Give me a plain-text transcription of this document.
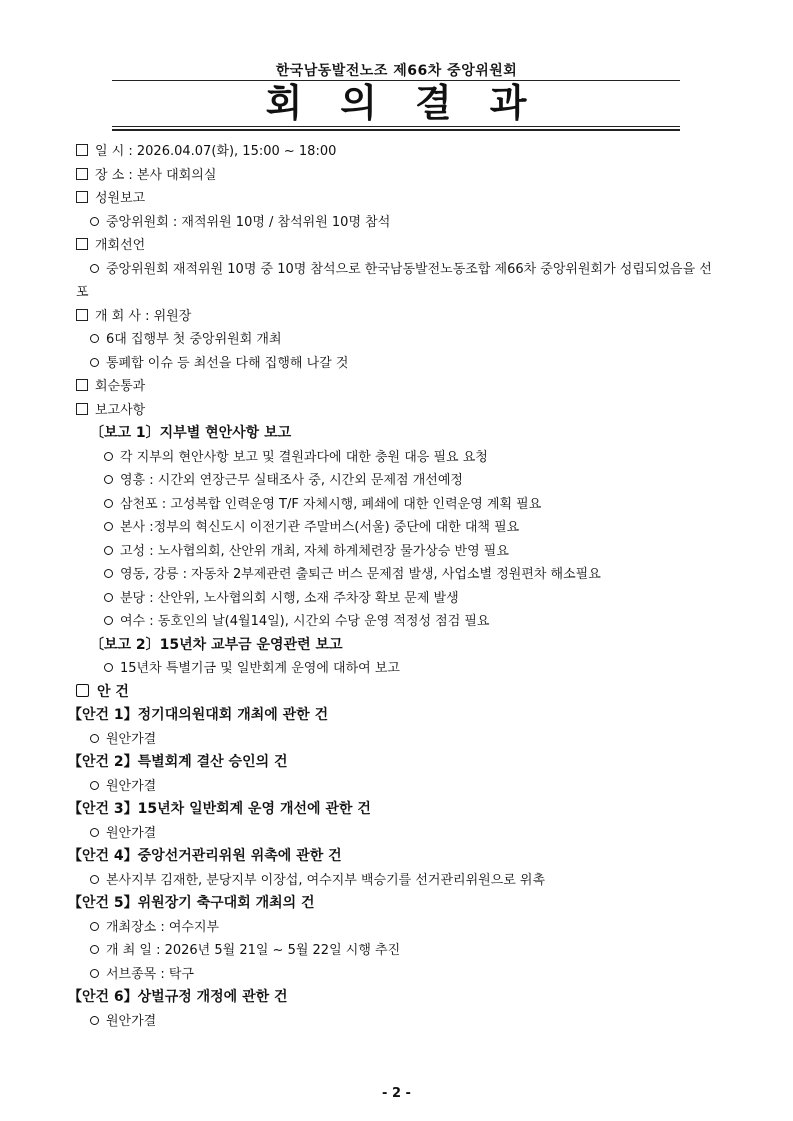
한국남동발전노조 제66차 중앙위원회
회의결과
일 시 : 2026.04.07(화), 15:00 ~ 18:00
장 소 : 본사 대회의실
성원보고
중앙위원회 : 재적위원 10명 / 참석위원 10명 참석
개회선언
중앙위원회 재적위원 10명 중 10명 참석으로 한국남동발전노동조합 제66차 중앙위원회가 성립되었음을 선포
개 회 사 : 위원장
6대 집행부 첫 중앙위원회 개최
통폐합 이슈 등 최선을 다해 집행해 나갈 것
회순통과
보고사항
〔보고 1〕지부별 현안사항 보고
각 지부의 현안사항 보고 및 결원과다에 대한 충원 대응 필요 요청
영흥 : 시간외 연장근무 실태조사 중, 시간외 문제점 개선예정
삼천포 : 고성복합 인력운영 T/F 자체시행, 폐쇄에 대한 인력운영 계획 필요
본사 :정부의 혁신도시 이전기관 주말버스(서울) 중단에 대한 대책 필요
고성 : 노사협의회, 산안위 개최, 자체 하계체련장 물가상승 반영 필요
영동, 강릉 : 자동차 2부제관련 출퇴근 버스 문제점 발생, 사업소별 정원편차 해소필요
분당 : 산안위, 노사협의회 시행, 소재 주차장 확보 문제 발생
여수 : 동호인의 날(4월14일), 시간외 수당 운영 적정성 점검 필요
〔보고 2〕15년차 교부금 운영관련 보고
15년차 특별기금 및 일반회계 운영에 대하여 보고
안 건
【안건 1】정기대의원대회 개최에 관한 건
원안가결
【안건 2】특별회계 결산 승인의 건
원안가결
【안건 3】15년차 일반회계 운영 개선에 관한 건
원안가결
【안건 4】중앙선거관리위원 위촉에 관한 건
본사지부 김재한, 분당지부 이장섭, 여수지부 백승기를 선거관리위원으로 위촉
【안건 5】위원장기 축구대회 개최의 건
개최장소 : 여수지부
개 최 일 : 2026년 5월 21일 ~ 5월 22일 시행 추진
서브종목 : 탁구
【안건 6】상벌규정 개정에 관한 건
원안가결
- 2 -
